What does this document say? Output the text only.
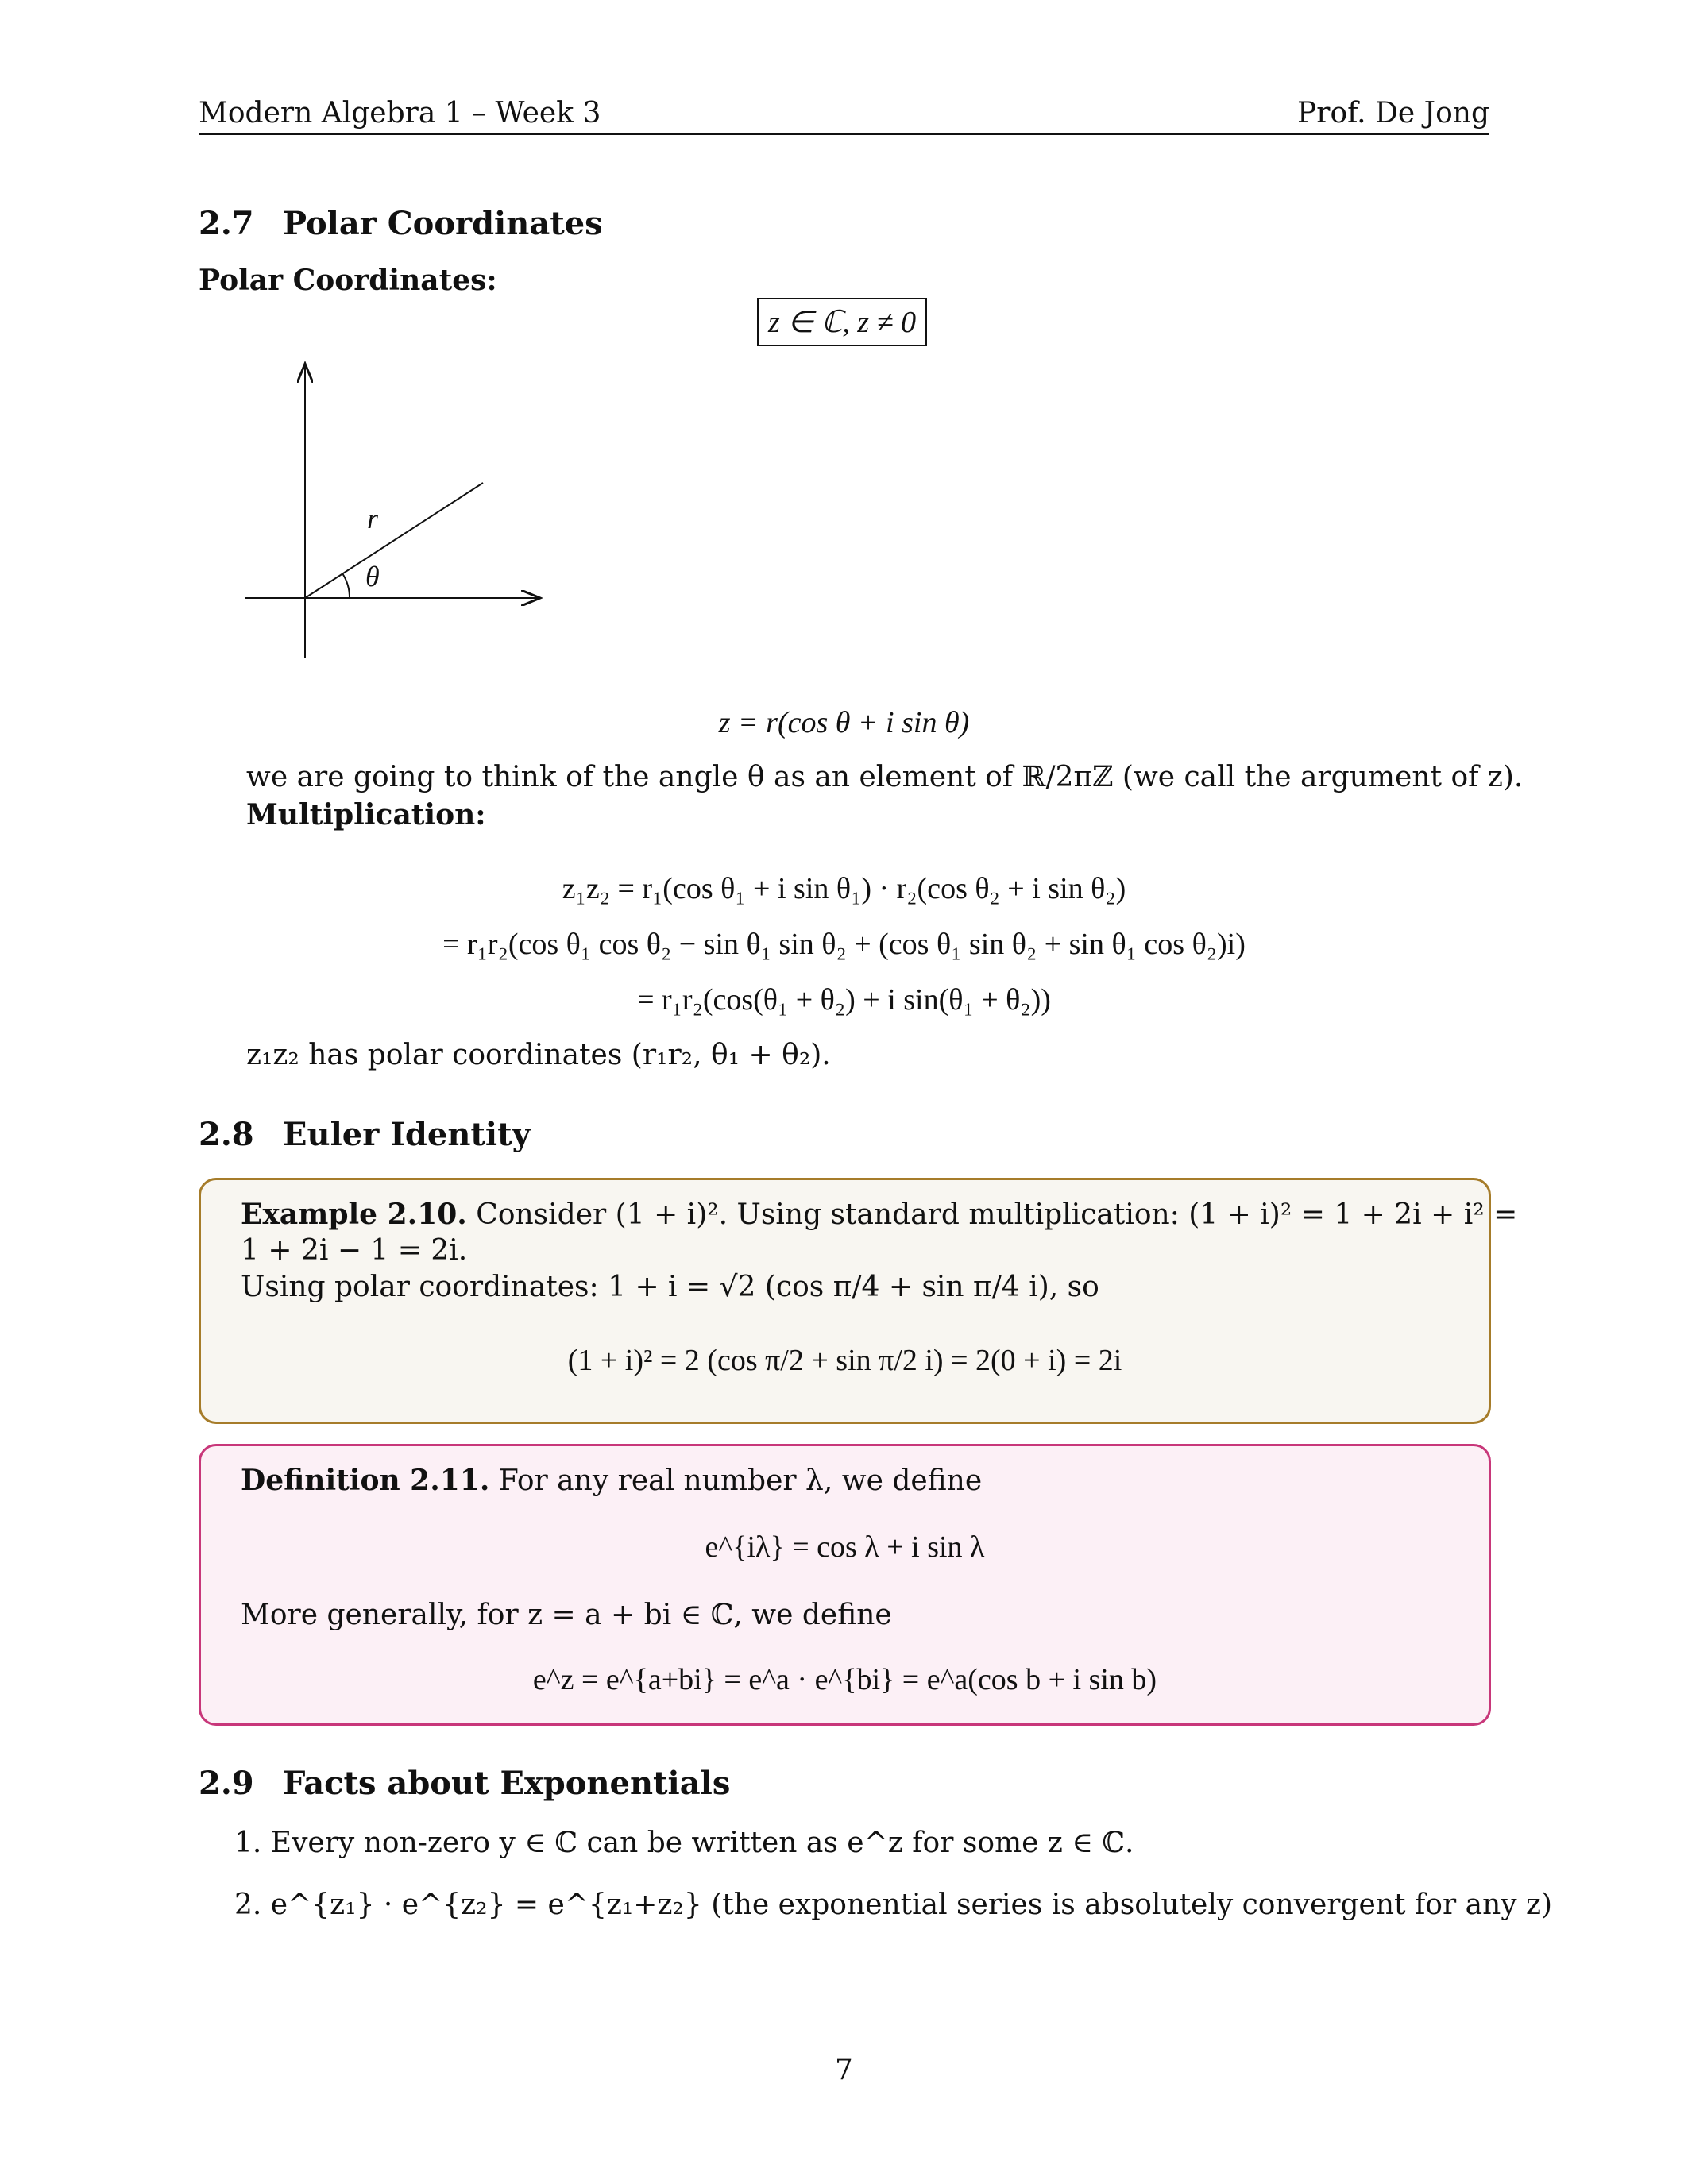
Modern Algebra 1 – Week 3	Prof. De Jong
2.7 Polar Coordinates
Polar Coordinates:
z ∈ ℂ, z ≠ 0
r
θ
z = r(cos θ + i sin θ)
we are going to think of the angle θ as an element of ℝ/2πℤ (we call the argument of z).
Multiplication:
z₁z₂ = r₁(cos θ₁ + i sin θ₁) · r₂(cos θ₂ + i sin θ₂)
= r₁r₂(cos θ₁ cos θ₂ − sin θ₁ sin θ₂ + (cos θ₁ sin θ₂ + sin θ₁ cos θ₂)i)
= r₁r₂(cos(θ₁ + θ₂) + i sin(θ₁ + θ₂))
z₁z₂ has polar coordinates (r₁r₂, θ₁ + θ₂).
2.8 Euler Identity
Example 2.10. Consider (1 + i)². Using standard multiplication: (1 + i)² = 1 + 2i + i² =
1 + 2i − 1 = 2i.
Using polar coordinates: 1 + i = √2 (cos π/4 + sin π/4 i), so
(1 + i)² = 2 (cos π/2 + sin π/2 i) = 2(0 + i) = 2i
Definition 2.11. For any real number λ, we define
e^{iλ} = cos λ + i sin λ
More generally, for z = a + bi ∈ ℂ, we define
e^z = e^{a+bi} = e^a · e^{bi} = e^a(cos b + i sin b)
2.9 Facts about Exponentials
1. Every non-zero y ∈ ℂ can be written as e^z for some z ∈ ℂ.
2. e^{z₁} · e^{z₂} = e^{z₁+z₂} (the exponential series is absolutely convergent for any z)
7
